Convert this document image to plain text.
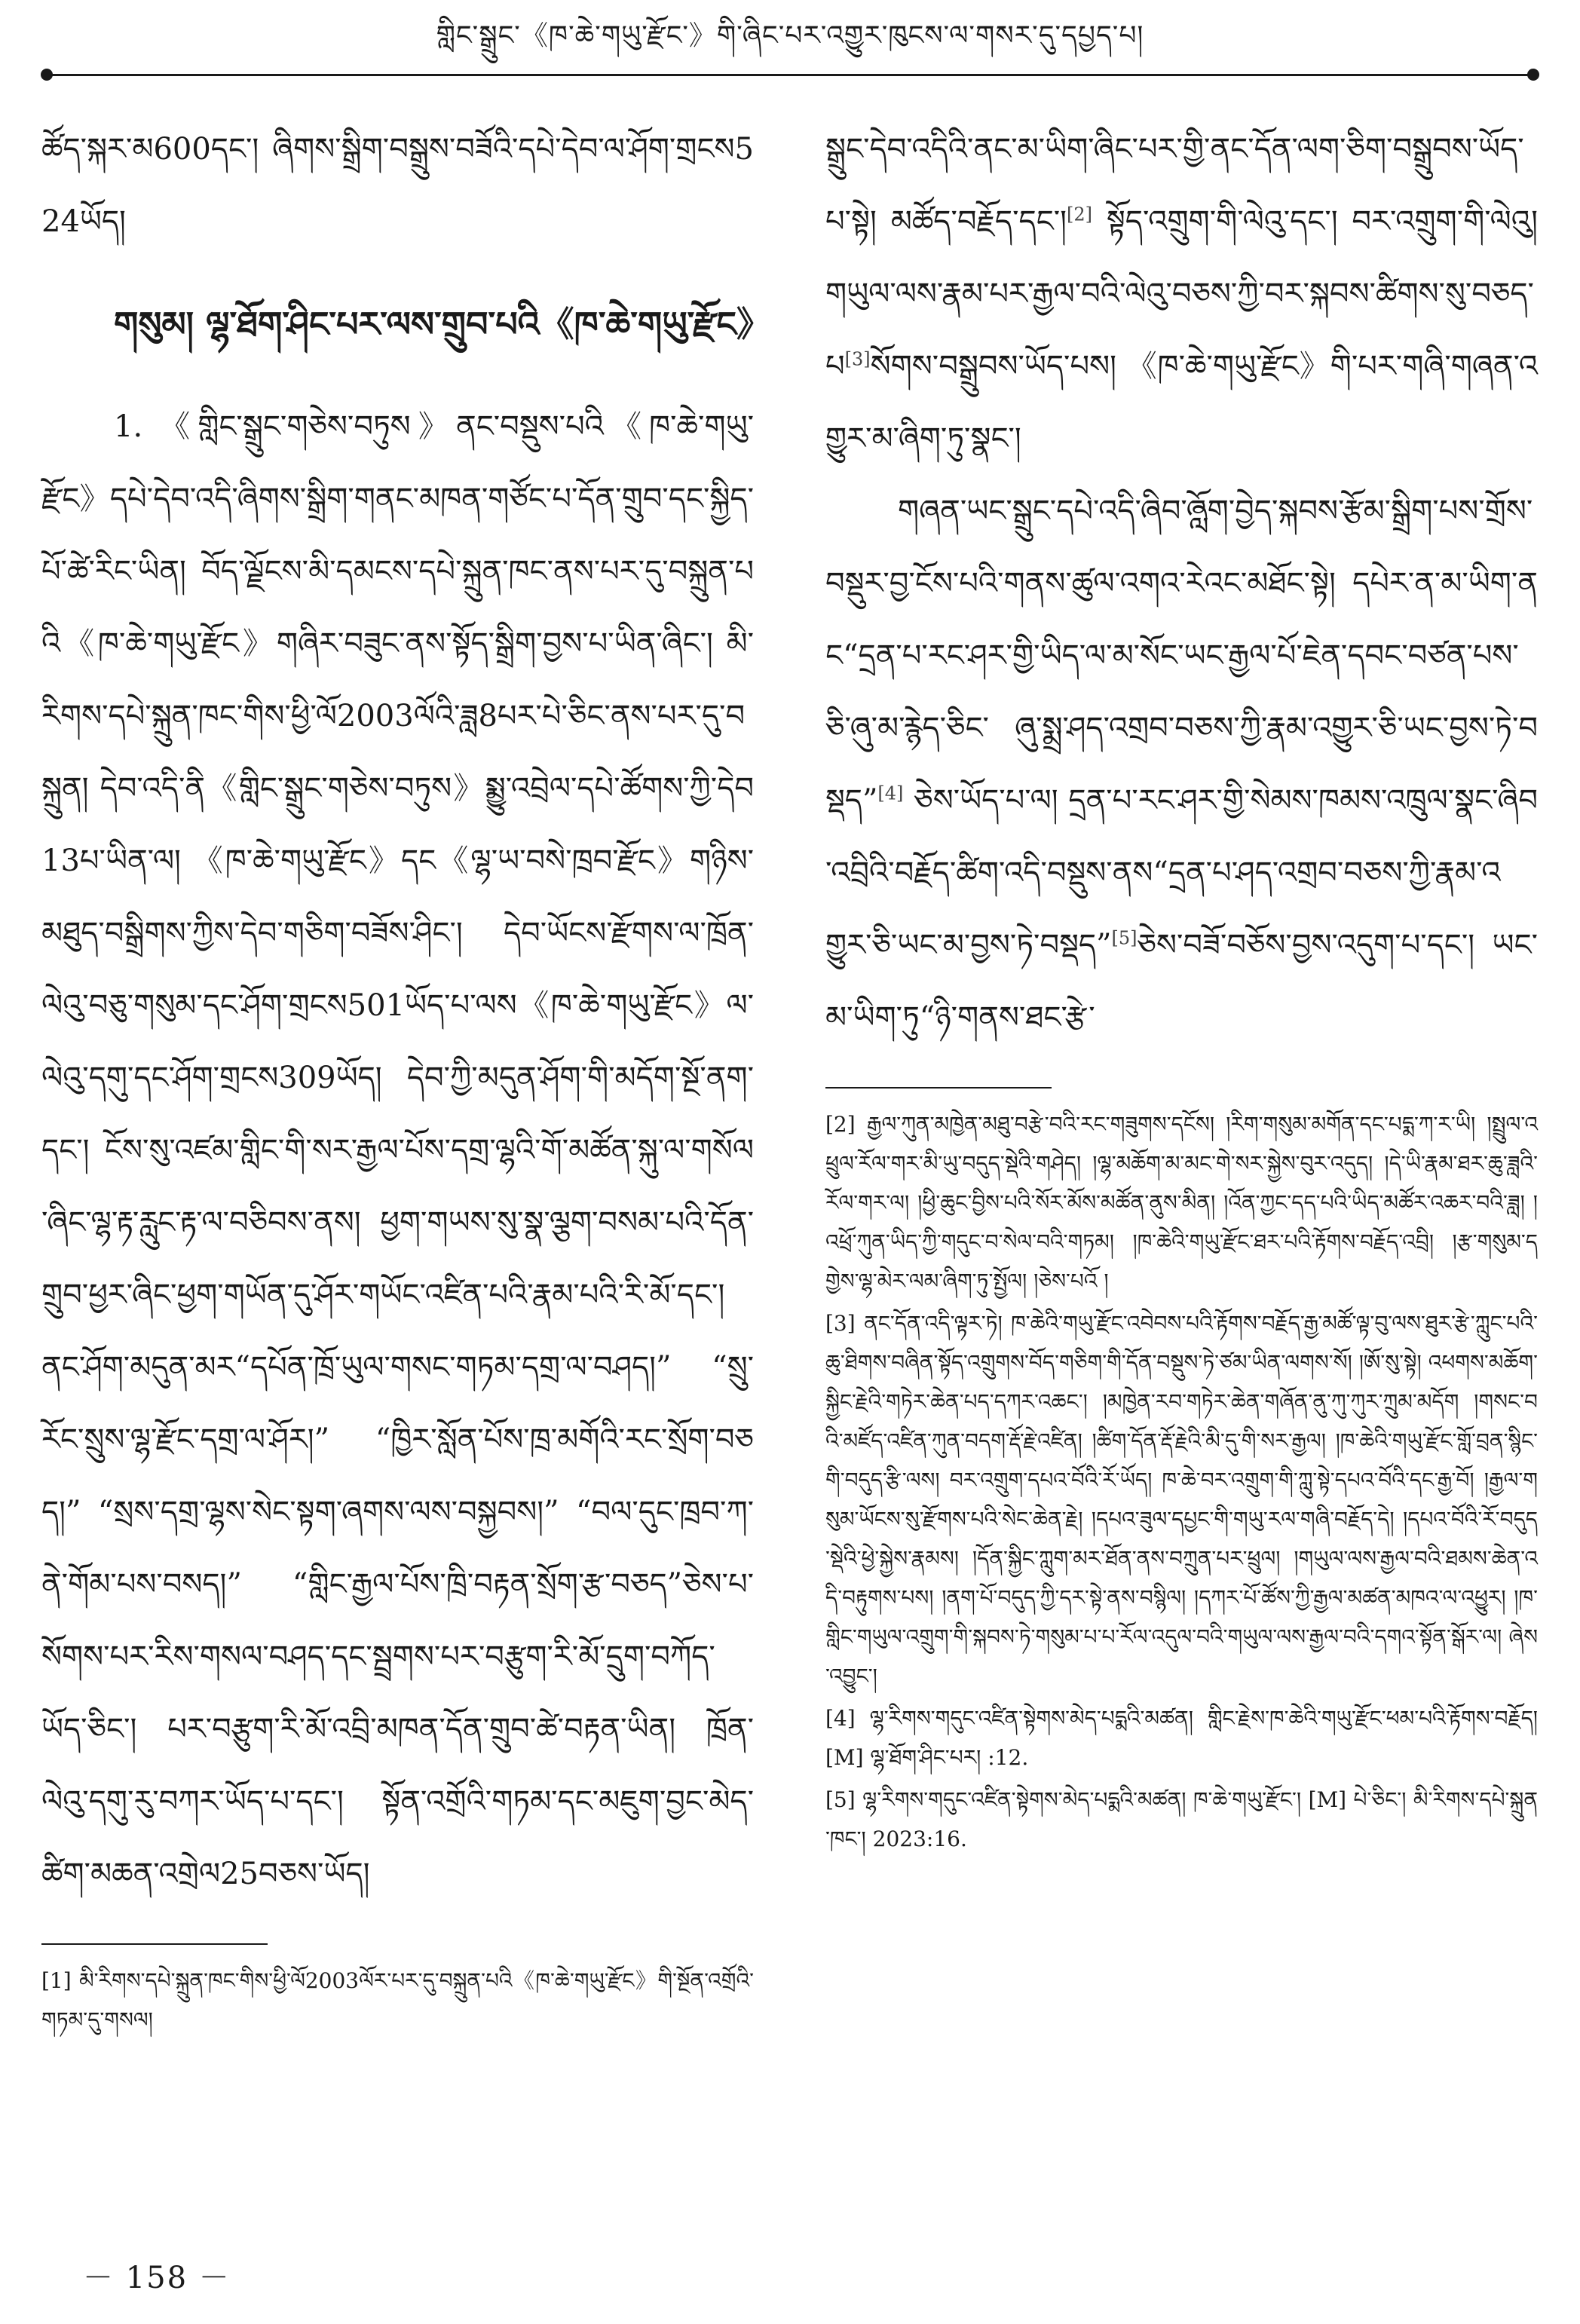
གླིང་སྒྲུང་《ཁ་ཆེ་གཡུ་རྫོང་》གི་ཞིང་པར་འགྱུར་ཁུངས་ལ་གསར་དུ་དཔྱད་པ།

ཚོད་སྐར་མ600དང་། ཞིགས་སྒྲིག་བསྒྲུས་བཟོའི་དཔེ་དེབ་ལ་ཤོག་གྲངས524ཡོད།

གསུམ། ལྷ་ཐོག་ཤིང་པར་ལས་གྲུབ་པའི《ཁ་ཆེ་གཡུ་རྫོང》

1. 《གླིང་སྒྲུང་གཅེས་བཏུས》ནང་བསྡུས་པའི《ཁ་ཆེ་གཡུ་རྫོང》དཔེ་དེབ་འདི་ཞིགས་སྒྲིག་གནང་མཁན་གཙོང་པ་དོན་གྲུབ་དང་སྐྱིད་པོ་ཚེ་རིང་ཡིན། བོད་ལྗོངས་མི་དམངས་དཔེ་སྐྲུན་ཁང་ནས་པར་དུ་བསྐྲུན་པའི《ཁ་ཆེ་གཡུ་རྫོང》གཞིར་བཟུང་ནས་སྟོད་སྒྲིག་བྱས་པ་ཡིན་ཞིང་། མི་རིགས་དཔེ་སྐྲུན་ཁང་གིས་ཕྱི་ལོ2003ལོའི་ཟླ8པར་པེ་ཅིང་ནས་པར་དུ་བསྐྲུན། དེབ་འདི་ནི《གླིང་སྒྲུང་གཅེས་བཏུས》སྨྱུ་འབྲེལ་དཔེ་ཚོགས་ཀྱི་དེབ13པ་ཡིན་ལ། 《ཁ་ཆེ་གཡུ་རྫོང》དང《ལྷ་ཡ་བསེ་ཁྲབ་རྫོང》གཉིས་མཐུད་བསྒྲིགས་ཀྱིས་དེབ་གཅིག་བཟོས་ཤིང་། དེབ་ཡོངས་རྫོགས་ལ་ཁྲོན་ལེའུ་བཅུ་གསུམ་དང་ཤོག་གྲངས501ཡོད་པ་ལས《ཁ་ཆེ་གཡུ་རྫོང》ལ་ལེའུ་དགུ་དང་ཤོག་གྲངས309ཡོད། དེབ་ཀྱི་མདུན་ཤོག་གི་མདོག་སྔོ་ནག་དང་། ངོས་སུ་འཛམ་གླིང་གི་སར་རྒྱལ་པོས་དགྲ་ལྷའི་གོ་མཚོན་སྐུ་ལ་གསོལ་ཞིང་ལྷ་རྟ་རླུང་རྟ་ལ་བཅིབས་ནས། ཕྱག་གཡས་སུ་སྣ་ལྕག་བསམ་པའི་དོན་གྲུབ་ཕྱར་ཞིང་ཕྱག་གཡོན་དུ་ཤོར་གཡོང་འཛིན་པའི་རྣམ་པའི་རི་མོ་དང་། ནང་ཤོག་མདུན་མར“དཔོན་ཁྲོ་ཡུལ་གསང་གཏམ་དགྲ་ལ་བཤད།” “སྲུ་རོང་སྲུས་ལྷ་རྫོང་དགྲ་ལ་ཤོར།” “ཁྱིར་སློན་པོས་ཁྲ་མགོའི་རང་སྲོག་བཅད།” “སྲས་དགྲ་ལྷས་སེང་སྟག་ཞགས་ལས་བསྐྱབས།” “བལ་དུང་ཁྲབ་ཀ་ནེ་གོམ་པས་བསད།” “གླིང་རྒྱལ་པོས་ཁྲི་བརྟན་སྲོག་རྩ་བཅད”ཅེས་པ་སོགས་པར་རིས་གསལ་བཤད་དང་སྦྲགས་པར་བརྩུག་རི་མོ་དྲུག་བཀོད་ཡོད་ཅིང་། པར་བརྩུག་རི་མོ་འབྲི་མཁན་དོན་གྲུབ་ཚེ་བརྟན་ཡིན། ཁྲོན་ལེའུ་དགུ་རུ་བཀར་ཡོད་པ་དང་། སྟོན་འགྲོའི་གཏམ་དང་མཇུག་བྱང་མེད་ཚིག་མཆན་འགྲེལ25བཅས་ཡོད།

[1] མི་རིགས་དཔེ་སྐྲུན་ཁང་གིས་ཕྱི་ལོ2003ལོར་པར་དུ་བསྐྲུན་པའི《ཁ་ཆེ་གཡུ་རྫོང》གི་སྔོན་འགྲོའི་གཏམ་དུ་གསལ།

སྒྲུང་དེབ་འདིའི་ནང་མ་ཡིག་ཞིང་པར་གྱི་ནང་དོན་ལག་ཅིག་བསྒྲུབས་ཡོད་པ་སྟེ། མཚོད་བརྗོད་དང་།[2] སྟོད་འགྲུག་གི་ལེའུ་དང་། བར་འགྲུག་གི་ལེའུ། གཡུལ་ལས་རྣམ་པར་རྒྱལ་བའི་ལེའུ་བཅས་ཀྱི་བར་སྐབས་ཚིགས་སུ་བཅད་པ[3]སོགས་བསྒྲུབས་ཡོད་པས། 《ཁ་ཆེ་གཡུ་རྫོང》གི་པར་གཞི་གཞན་འགྱུར་མ་ཞིག་ཏུ་སྣང་།

གཞན་ཡང་སྒྲུང་དཔེ་འདི་ཞིབ་ཞློག་བྱེད་སྐབས་རྩོམ་སྒྲིག་པས་གྲོས་བསྡུར་བྱ་ངོས་པའི་གནས་ཚུལ་འགའ་རེའང་མཐོང་སྟེ། དཔེར་ན་མ་ཡིག་ནང“དྲན་པ་རང་ཤར་གྱི་ཡིད་ལ་མ་སོང་ཡང་རྒྱལ་པོ་ཇེན་དབང་བཙན་པས་ཅི་ཞུ་མ་རྙེད་ཅིང་ ཞུ་སྨྲ་ཤད་འགྲབ་བཅས་ཀྱི་རྣམ་འགྱུར་ཅི་ཡང་བྱས་ཏེ་བསྡད”[4] ཅེས་ཡོད་པ་ལ། དྲན་པ་རང་ཤར་གྱི་སེམས་ཁམས་འཁྲུལ་སྣང་ཞིབ་འབྲིའི་བརྗོད་ཚིག་འདི་བསྡུས་ནས“དྲན་པ་ཤད་འགྲབ་བཅས་ཀྱི་རྣམ་འགྱུར་ཅི་ཡང་མ་བྱས་ཏེ་བསྡད”[5]ཅེས་བཟོ་བཅོས་བྱས་འདུག་པ་དང་། ཡང་མ་ཡིག་ཏུ“ཉི་གནས་ཐང་རྩེ་

[2] རྒྱལ་ཀུན་མཁྱེན་མཐུ་བརྩེ་བའི་རང་གཟུགས་དངོས། །རིག་གསུམ་མགོན་དང་པདྨ་ཀ་ར་ཡི། །སྤྲུལ་འཕྲུལ་རོལ་གར་མི་ཡུ་བདུད་སྡེའི་གཤེད། །ལྷ་མཆོག་མ་མང་གེ་སར་སྐྱེས་བུར་འདུད། །དེ་ཡི་རྣམ་ཐར་ཆུ་ཟླའི་རོལ་གར་ལ། །ཕྱི་ཆུང་བྱིས་པའི་སོར་མོས་མཚོན་ནུས་མིན། །འོན་ཀྱང་དད་པའི་ཡིད་མཚོར་འཆར་བའི་ཟླ། །འཕྲོ་ཀུན་ཡིད་ཀྱི་གདུང་བ་སེལ་བའི་གཏམ། །ཁ་ཆེའི་གཡུ་རྫོང་ཐར་པའི་རྟོགས་བརྗོད་འབྲི། །རྩ་གསུམ་དགྱེས་ལྷ་མེར་ལམ་ཞིག་ཏུ་སྤྱོལ། །ཅེས་པའོ །

[3] ནང་དོན་འདི་ལྟར་ཏེ། ཁ་ཆེའི་གཡུ་རྫོང་འབེབས་པའི་རྟོགས་བརྗོད་རྒྱ་མཚོ་ལྟ་བུ་ལས་ཐུར་རྩེ་ཀླུང་པའི་ཆུ་ཐིགས་བཞིན་སྟོད་འགྲུགས་བོད་གཅིག་གི་དོན་བསྡུས་ཏེ་ཙམ་ཡིན་ལགས་སོ། །ཨོ་སུ་སྟེ། འཕགས་མཆོག་སྐྱིང་རྗེའི་གཏེར་ཆེན་པད་དཀར་འཆང་། །མཁྱེན་རབ་གཏེར་ཆེན་གཞོན་ནུ་ཀུ་ཀུར་ཀྲུམ་མདོག །གསང་བའི་མཛོད་འཛིན་ཀུན་བདག་རྡོ་རྗེ་འཛིན། །ཚིག་དོན་རྡོ་རྗེའི་མི་དུ་གི་སར་རྒྱལ། །ཁ་ཆེའི་གཡུ་རྫོང་གློ་བྲན་སྙིང་གི་བདུད་རྩི་ལས། བར་འགྲུག་དཔའ་བོའི་རོ་ཡོད། ཁ་ཆེ་བར་འགྲུག་གི་ཀླུ་སྟེ་དཔའ་བོའི་དང་རྒྱ་བོ། །རྒྱལ་གསུམ་ཡོངས་སུ་རྫོགས་པའི་སེང་ཆེན་རྗེ། །དཔའ་ཟུལ་དཔྱང་གི་གཡུ་རལ་གཞི་བརྗོད་དེ། །དཔའ་བོའི་རོ་བདུད་སྡེའི་ཕྱེ་སྐྱེས་རྣམས། །དོན་སྐྱིང་ཀླུག་མར་ཐོན་ནས་བཀྲུན་པར་ཕྲུལ། །གཡུལ་ལས་རྒྱལ་བའི་ཐམས་ཆེན་འདི་བརྟུགས་པས། །ནག་པོ་བདུད་ཀྱི་དར་སྟེ་ནས་བསྙིལ། །དཀར་པོ་ཚོས་ཀྱི་རྒྱལ་མཚན་མཁའ་ལ་འཕྱུར། །ཁ་གླིང་གཡུལ་འགྲུག་གི་སྐབས་ཏེ་གསུམ་པ་པ་རོལ་འདུལ་བའི་གཡུལ་ལས་རྒྱལ་བའི་དགའ་སྟོན་སྒོར་ལ། ཞེས་འབྱུང་།

[4] ལྷ་རིགས་གདུང་འཛིན་སྟེགས་མེད་པདྨའི་མཚན། གླིང་རྗེས་ཁ་ཆེའི་གཡུ་རྫོང་ཕམ་པའི་རྟོགས་བརྗོད། [M] ལྷ་ཐོག་ཤིང་པར། :12.

[5] ལྷ་རིགས་གདུང་འཛིན་སྟེགས་མེད་པདྨའི་མཚན། ཁ་ཆེ་གཡུ་རྫོང་། [M] པེ་ཅིང་། མི་རིགས་དཔེ་སྐྲུན་ཁང་། 2023:16.

－ 158 －
